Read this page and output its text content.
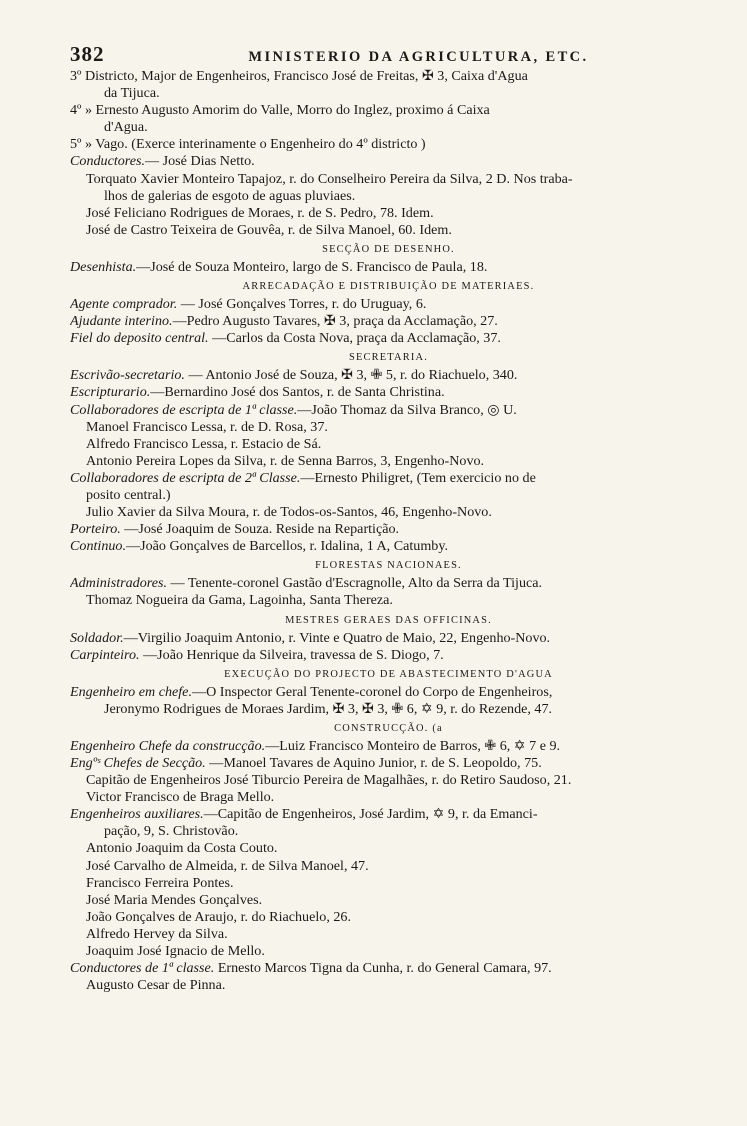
382	MINISTERIO DA AGRICULTURA, ETC.
3º Districto, Major de Engenheiros, Francisco José de Freitas, ✠ 3, Caixa d'Agua
da Tijuca.
4º » Ernesto Augusto Amorim do Valle, Morro do Inglez, proximo á Caixa
d'Agua.
5º » Vago. (Exerce interinamente o Engenheiro do 4º districto )
Conductores.— José Dias Netto.
Torquato Xavier Monteiro Tapajoz, r. do Conselheiro Pereira da Silva, 2 D. Nos traba-
lhos de galerias de esgoto de aguas pluviaes.
José Feliciano Rodrigues de Moraes, r. de S. Pedro, 78. Idem.
José de Castro Teixeira de Gouvêa, r. de Silva Manoel, 60. Idem.
SECÇÃO DE DESENHO.
Desenhista.—José de Souza Monteiro, largo de S. Francisco de Paula, 18.
ARRECADAÇÃO E DISTRIBUIÇÃO DE MATERIAES.
Agente comprador. — José Gonçalves Torres, r. do Uruguay, 6.
Ajudante interino.—Pedro Augusto Tavares, ✠ 3, praça da Acclamação, 27.
Fiel do deposito central. —Carlos da Costa Nova, praça da Acclamação, 37.
SECRETARIA.
Escrivão-secretario. — Antonio José de Souza, ✠ 3, ✙ 5, r. do Riachuelo, 340.
Escripturario.—Bernardino José dos Santos, r. de Santa Christina.
Collaboradores de escripta de 1ª classe.—João Thomaz da Silva Branco, ◎ U.
Manoel Francisco Lessa, r. de D. Rosa, 37.
Alfredo Francisco Lessa, r. Estacio de Sá.
Antonio Pereira Lopes da Silva, r. de Senna Barros, 3, Engenho-Novo.
Collaboradores de escripta de 2ª Classe.—Ernesto Philigret, (Tem exercicio no de
posito central.)
Julio Xavier da Silva Moura, r. de Todos-os-Santos, 46, Engenho-Novo.
Porteiro. —José Joaquim de Souza. Reside na Repartição.
Continuo.—João Gonçalves de Barcellos, r. Idalina, 1 A, Catumby.
FLORESTAS NACIONAES.
Administradores. — Tenente-coronel Gastão d'Escragnolle, Alto da Serra da Tijuca.
Thomaz Nogueira da Gama, Lagoinha, Santa Thereza.
MESTRES GERAES DAS OFFICINAS.
Soldador.—Virgilio Joaquim Antonio, r. Vinte e Quatro de Maio, 22, Engenho-Novo.
Carpinteiro. —João Henrique da Silveira, travessa de S. Diogo, 7.
EXECUÇÃO DO PROJECTO DE ABASTECIMENTO D'AGUA
Engenheiro em chefe.—O Inspector Geral Tenente-coronel do Corpo de Engenheiros,
Jeronymo Rodrigues de Moraes Jardim, ✠ 3, ✠ 3, ✙ 6, ✡ 9, r. do Rezende, 47.
CONSTRUCÇÃO. (a
Engenheiro Chefe da construcção.—Luiz Francisco Monteiro de Barros, ✙ 6, ✡ 7 e 9.
Engºˢ Chefes de Secção. —Manoel Tavares de Aquino Junior, r. de S. Leopoldo, 75.
Capitão de Engenheiros José Tiburcio Pereira de Magalhães, r. do Retiro Saudoso, 21.
Victor Francisco de Braga Mello.
Engenheiros auxiliares.—Capitão de Engenheiros, José Jardim, ✡ 9, r. da Emanci-
pação, 9, S. Christovão.
Antonio Joaquim da Costa Couto.
José Carvalho de Almeida, r. de Silva Manoel, 47.
Francisco Ferreira Pontes.
José Maria Mendes Gonçalves.
João Gonçalves de Araujo, r. do Riachuelo, 26.
Alfredo Hervey da Silva.
Joaquim José Ignacio de Mello.
Conductores de 1ª classe. Ernesto Marcos Tigna da Cunha, r. do General Camara, 97.
Augusto Cesar de Pinna.
